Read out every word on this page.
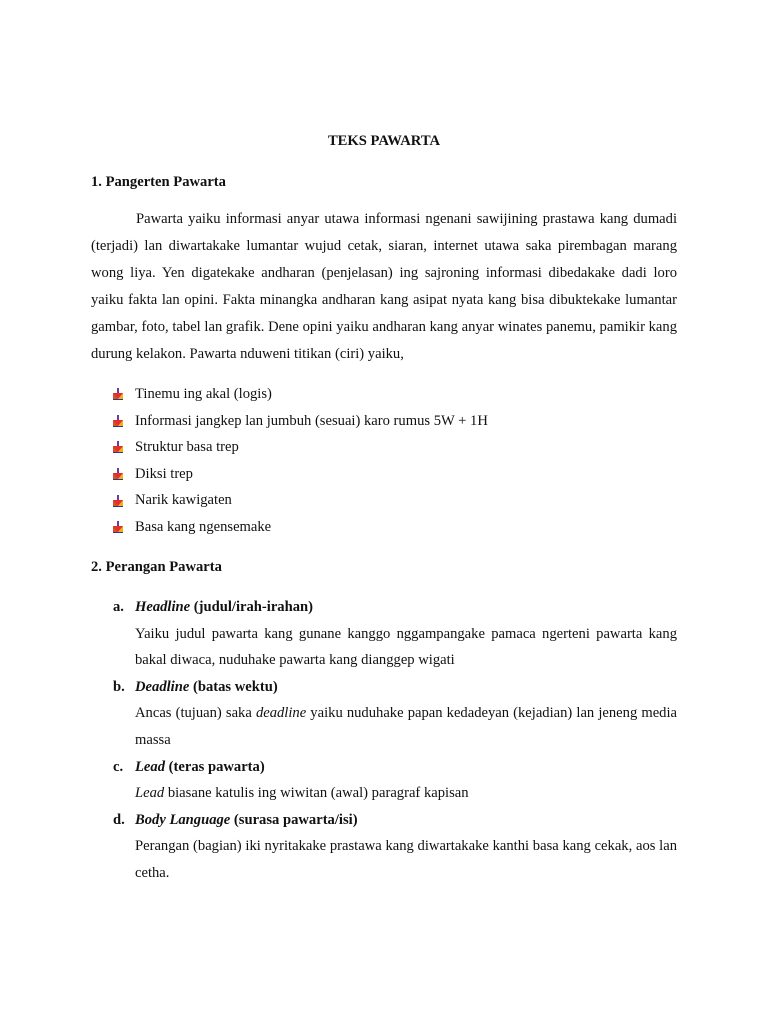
TEKS PAWARTA
1. Pangerten Pawarta

Pawarta yaiku informasi anyar utawa informasi ngenani sawijining prastawa kang dumadi (terjadi) lan diwartakake lumantar wujud cetak, siaran, internet utawa saka pirembagan marang wong liya. Yen digatekake andharan (penjelasan) ing sajroning informasi dibedakake dadi loro yaiku fakta lan opini. Fakta minangka andharan kang asipat nyata kang bisa dibuktekake lumantar gambar, foto, tabel lan grafik. Dene opini yaiku andharan kang anyar winates panemu, pamikir kang durung kelakon. Pawarta nduweni titikan (ciri) yaiku,

Tinemu ing akal (logis)
Informasi jangkep lan jumbuh (sesuai) karo rumus 5W + 1H
Struktur basa trep
Diksi trep
Narik kawigaten
Basa kang ngensemake
2. Perangan Pawarta
a. Headline (judul/irah-irahan)
Yaiku judul pawarta kang gunane kanggo nggampangake pamaca ngerteni pawarta kang bakal diwaca, nuduhake pawarta kang dianggep wigati
b. Deadline (batas wektu)
Ancas (tujuan) saka deadline yaiku nuduhake papan kedadeyan (kejadian) lan jeneng media massa
c. Lead (teras pawarta)
Lead biasane katulis ing wiwitan (awal) paragraf kapisan
d. Body Language (surasa pawarta/isi)
Perangan (bagian) iki nyritakake prastawa kang diwartakake kanthi basa kang cekak, aos lan cetha.
